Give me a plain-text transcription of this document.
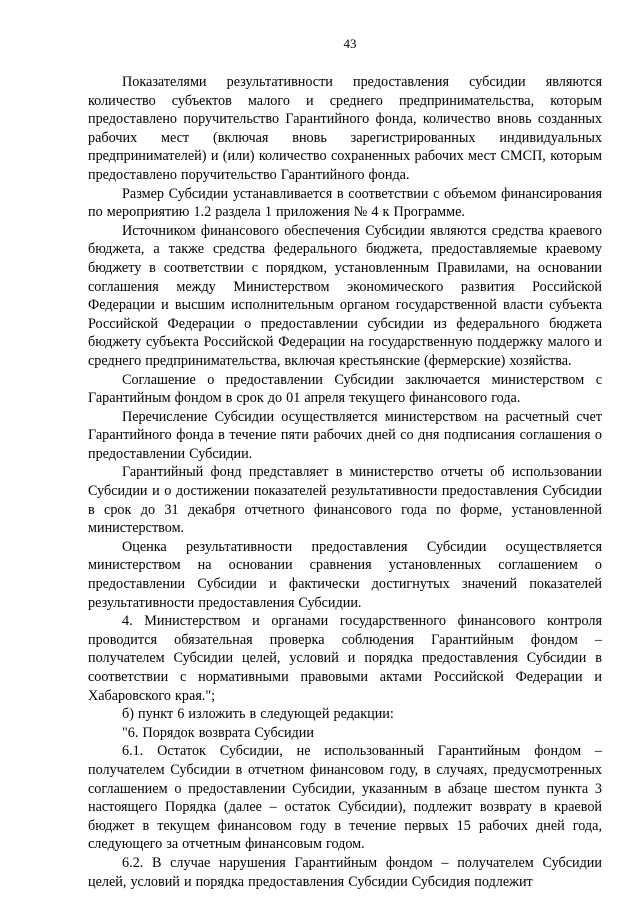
43

Показателями результативности предоставления субсидии являются количество субъектов малого и среднего предпринимательства, которым предоставлено поручительство Гарантийного фонда, количество вновь созданных рабочих мест (включая вновь зарегистрированных индивидуальных предпринимателей) и (или) количество сохраненных рабочих мест СМСП, которым предоставлено поручительство Гарантийного фонда.

Размер Субсидии устанавливается в соответствии с объемом финансирования по мероприятию 1.2 раздела 1 приложения № 4 к Программе.

Источником финансового обеспечения Субсидии являются средства краевого бюджета, а также средства федерального бюджета, предоставляемые краевому бюджету в соответствии с порядком, установленным Правилами, на основании соглашения между Министерством экономического развития Российской Федерации и высшим исполнительным органом государственной власти субъекта Российской Федерации о предоставлении субсидии из федерального бюджета бюджету субъекта Российской Федерации на государственную поддержку малого и среднего предпринимательства, включая крестьянские (фермерские) хозяйства.

Соглашение о предоставлении Субсидии заключается министерством с Гарантийным фондом в срок до 01 апреля текущего финансового года.

Перечисление Субсидии осуществляется министерством на расчетный счет Гарантийного фонда в течение пяти рабочих дней со дня подписания соглашения о предоставлении Субсидии.

Гарантийный фонд представляет в министерство отчеты об использовании Субсидии и о достижении показателей результативности предоставления Субсидии в срок до 31 декабря отчетного финансового года по форме, установленной министерством.

Оценка результативности предоставления Субсидии осуществляется министерством на основании сравнения установленных соглашением о предоставлении Субсидии и фактически достигнутых значений показателей результативности предоставления Субсидии.

4. Министерством и органами государственного финансового контроля проводится обязательная проверка соблюдения Гарантийным фондом – получателем Субсидии целей, условий и порядка предоставления Субсидии в соответствии с нормативными правовыми актами Российской Федерации и Хабаровского края.";

б) пункт 6 изложить в следующей редакции:

"6. Порядок возврата Субсидии

6.1. Остаток Субсидии, не использованный Гарантийным фондом – получателем Субсидии в отчетном финансовом году, в случаях, предусмотренных соглашением о предоставлении Субсидии, указанным в абзаце шестом пункта 3 настоящего Порядка (далее – остаток Субсидии), подлежит возврату в краевой бюджет в текущем финансовом году в течение первых 15 рабочих дней года, следующего за отчетным финансовым годом.

6.2. В случае нарушения Гарантийным фондом – получателем Субсидии целей, условий и порядка предоставления Субсидии Субсидия подлежит
